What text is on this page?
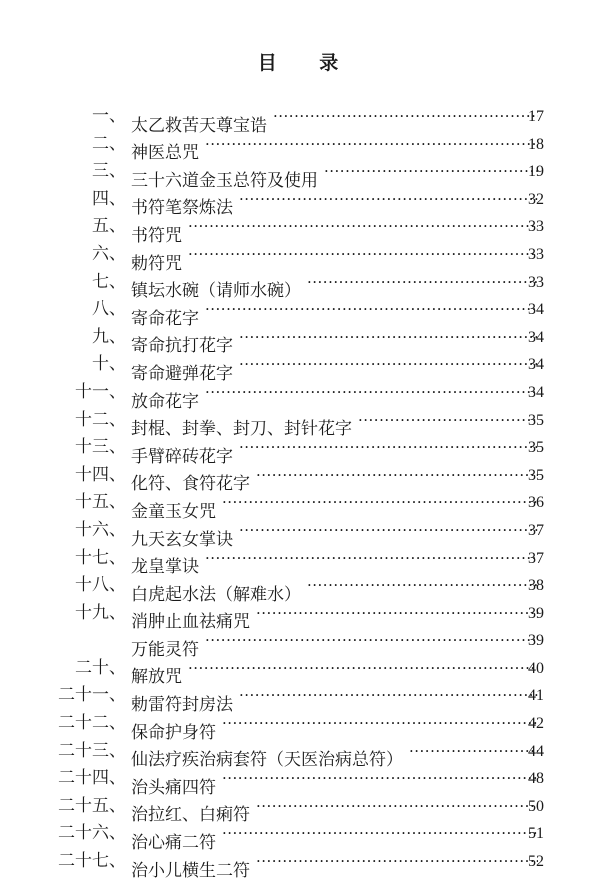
目 录
一、 太乙救苦天尊宝诰 ·····	17
二、 神医总咒 ·····	18
三、 三十六道金玉总符及使用 ·····	19
四、 书符笔祭炼法 ·····	32
五、 书符咒 ·····	33
六、 勅符咒 ·····	33
七、 镇坛水碗（请师水碗） ·····	33
八、 寄命花字 ·····	34
九、 寄命抗打花字 ·····	34
十、 寄命避弹花字 ·····	34
十一、 放命花字 ·····	34
十二、 封棍、封拳、封刀、封针花字 ·····	35
十三、 手臂碎砖花字 ·····	35
十四、 化符、食符花字 ·····	35
十五、 金童玉女咒 ·····	36
十六、 九天玄女掌诀 ·····	37
十七、 龙皇掌诀 ·····	37
十八、 白虎起水法（解难水） ·····	38
十九、 消肿止血祛痛咒 ·····	39
万能灵符 ·····	39
二十、 解放咒 ·····	40
二十一、 勅雷符封房法 ·····	41
二十二、 保命护身符 ·····	42
二十三、 仙法疗疾治病套符（天医治病总符） ·····	44
二十四、 治头痛四符 ·····	48
二十五、 治拉红、白痢符 ·····	50
二十六、 治心痛二符 ·····	51
二十七、 治小儿横生二符 ·····	52
